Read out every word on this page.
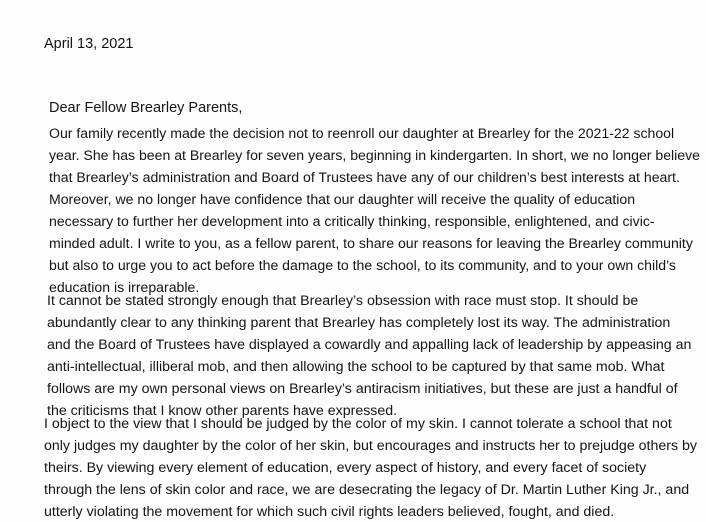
April 13, 2021
Dear Fellow Brearley Parents,
Our family recently made the decision not to reenroll our daughter at Brearley for the 2021-22 school
year. She has been at Brearley for seven years, beginning in kindergarten. In short, we no longer believe
that Brearley’s administration and Board of Trustees have any of our children’s best interests at heart.
Moreover, we no longer have confidence that our daughter will receive the quality of education
necessary to further her development into a critically thinking, responsible, enlightened, and civic-
minded adult. I write to you, as a fellow parent, to share our reasons for leaving the Brearley community
but also to urge you to act before the damage to the school, to its community, and to your own child’s
education is irreparable.
It cannot be stated strongly enough that Brearley’s obsession with race must stop. It should be
abundantly clear to any thinking parent that Brearley has completely lost its way. The administration
and the Board of Trustees have displayed a cowardly and appalling lack of leadership by appeasing an
anti-intellectual, illiberal mob, and then allowing the school to be captured by that same mob. What
follows are my own personal views on Brearley’s antiracism initiatives, but these are just a handful of
the criticisms that I know other parents have expressed.
I object to the view that I should be judged by the color of my skin. I cannot tolerate a school that not
only judges my daughter by the color of her skin, but encourages and instructs her to prejudge others by
theirs. By viewing every element of education, every aspect of history, and every facet of society
through the lens of skin color and race, we are desecrating the legacy of Dr. Martin Luther King Jr., and
utterly violating the movement for which such civil rights leaders believed, fought, and died.
